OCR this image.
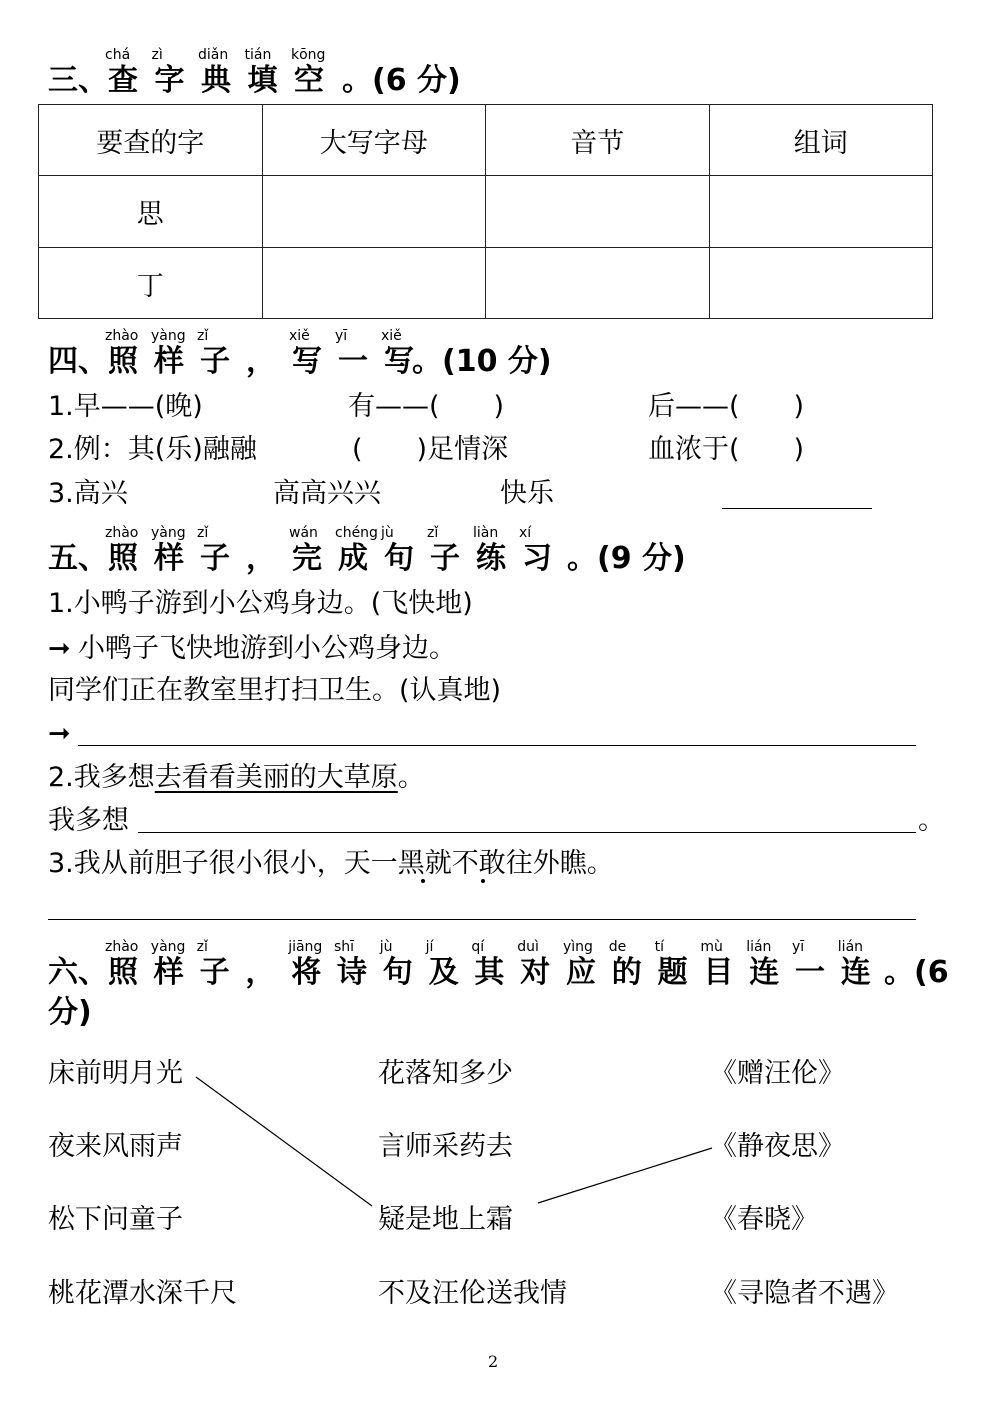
三、
chá
查
zì
字
diǎn
典
tián
填
kōng
空 。(6 分)
要查的字	大写字母	音节	组词
思			
丁			
四、
zhào
照
yàng
样
zǐ
子 ，
xiě
写
yī
一
xiě
写
。(10 分)
1.早——(晚)	有——(　　)	后——(　　)
2.例：其(乐)融融	(　　)足情深	血浓于(　　)
3.高兴	高高兴兴	快乐
五、
zhào
照
yàng
样
zǐ
子 ，
wán
完
chéng
成
jù
句
zǐ
子
liàn
练
xí
习 。(9 分)
1.小鸭子游到小公鸡身边。(飞快地)
➞ 小鸭子飞快地游到小公鸡身边。
同学们正在教室里打扫卫生。(认真地)
➞
2.我多想去看看美丽的大草原。
我多想	。
3.我从前胆子很小很小，天一黑就不敢往外瞧。
六、
zhào
照
yàng
样
zǐ
子 ，
jiāng
将
shī
诗
jù
句
jí
及
qí
其
duì
对
yìng
应
de
的
tí
题
mù
目
lián
连
yī
一
lián
连 。(6
分)
床前明月光
夜来风雨声
松下问童子
桃花潭水深千尺
花落知多少
言师采药去
疑是地上霜
不及汪伦送我情
《赠汪伦》
《静夜思》
《春晓》
《寻隐者不遇》
2
